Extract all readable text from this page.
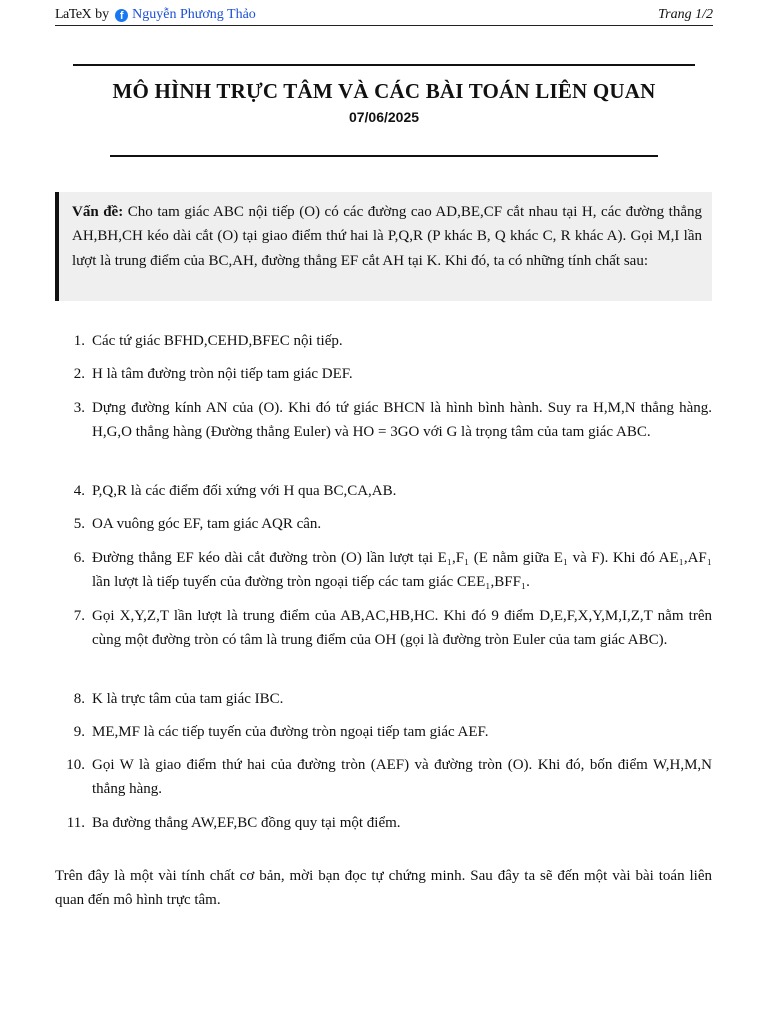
LaTeX by f Nguyễn Phương Thảo	Trang 1/2
MÔ HÌNH TRỰC TÂM VÀ CÁC BÀI TOÁN LIÊN QUAN
07/06/2025
Vấn đề: Cho tam giác ABC nội tiếp (O) có các đường cao AD,BE,CF cắt nhau tại H, các đường thẳng AH,BH,CH kéo dài cắt (O) tại giao điểm thứ hai là P,Q,R (P khác B, Q khác C, R khác A). Gọi M,I lần lượt là trung điểm của BC,AH, đường thẳng EF cắt AH tại K. Khi đó, ta có những tính chất sau:
1. Các tứ giác BFHD,CEHD,BFEC nội tiếp.
2. H là tâm đường tròn nội tiếp tam giác DEF.
3. Dựng đường kính AN của (O). Khi đó tứ giác BHCN là hình bình hành. Suy ra H,M,N thẳng hàng. H,G,O thẳng hàng (Đường thẳng Euler) và HO = 3GO với G là trọng tâm của tam giác ABC.
4. P,Q,R là các điểm đối xứng với H qua BC,CA,AB.
5. OA vuông góc EF, tam giác AQR cân.
6. Đường thẳng EF kéo dài cắt đường tròn (O) lần lượt tại E₁,F₁ (E nằm giữa E₁ và F). Khi đó AE₁,AF₁ lần lượt là tiếp tuyến của đường tròn ngoại tiếp các tam giác CEE₁,BFF₁.
7. Gọi X,Y,Z,T lần lượt là trung điểm của AB,AC,HB,HC. Khi đó 9 điểm D,E,F,X,Y,M,I,Z,T nằm trên cùng một đường tròn có tâm là trung điểm của OH (gọi là đường tròn Euler của tam giác ABC).
8. K là trực tâm của tam giác IBC.
9. ME,MF là các tiếp tuyến của đường tròn ngoại tiếp tam giác AEF.
10. Gọi W là giao điểm thứ hai của đường tròn (AEF) và đường tròn (O). Khi đó, bốn điểm W,H,M,N thẳng hàng.
11. Ba đường thẳng AW,EF,BC đồng quy tại một điểm.
Trên đây là một vài tính chất cơ bản, mời bạn đọc tự chứng minh. Sau đây ta sẽ đến một vài bài toán liên quan đến mô hình trực tâm.
